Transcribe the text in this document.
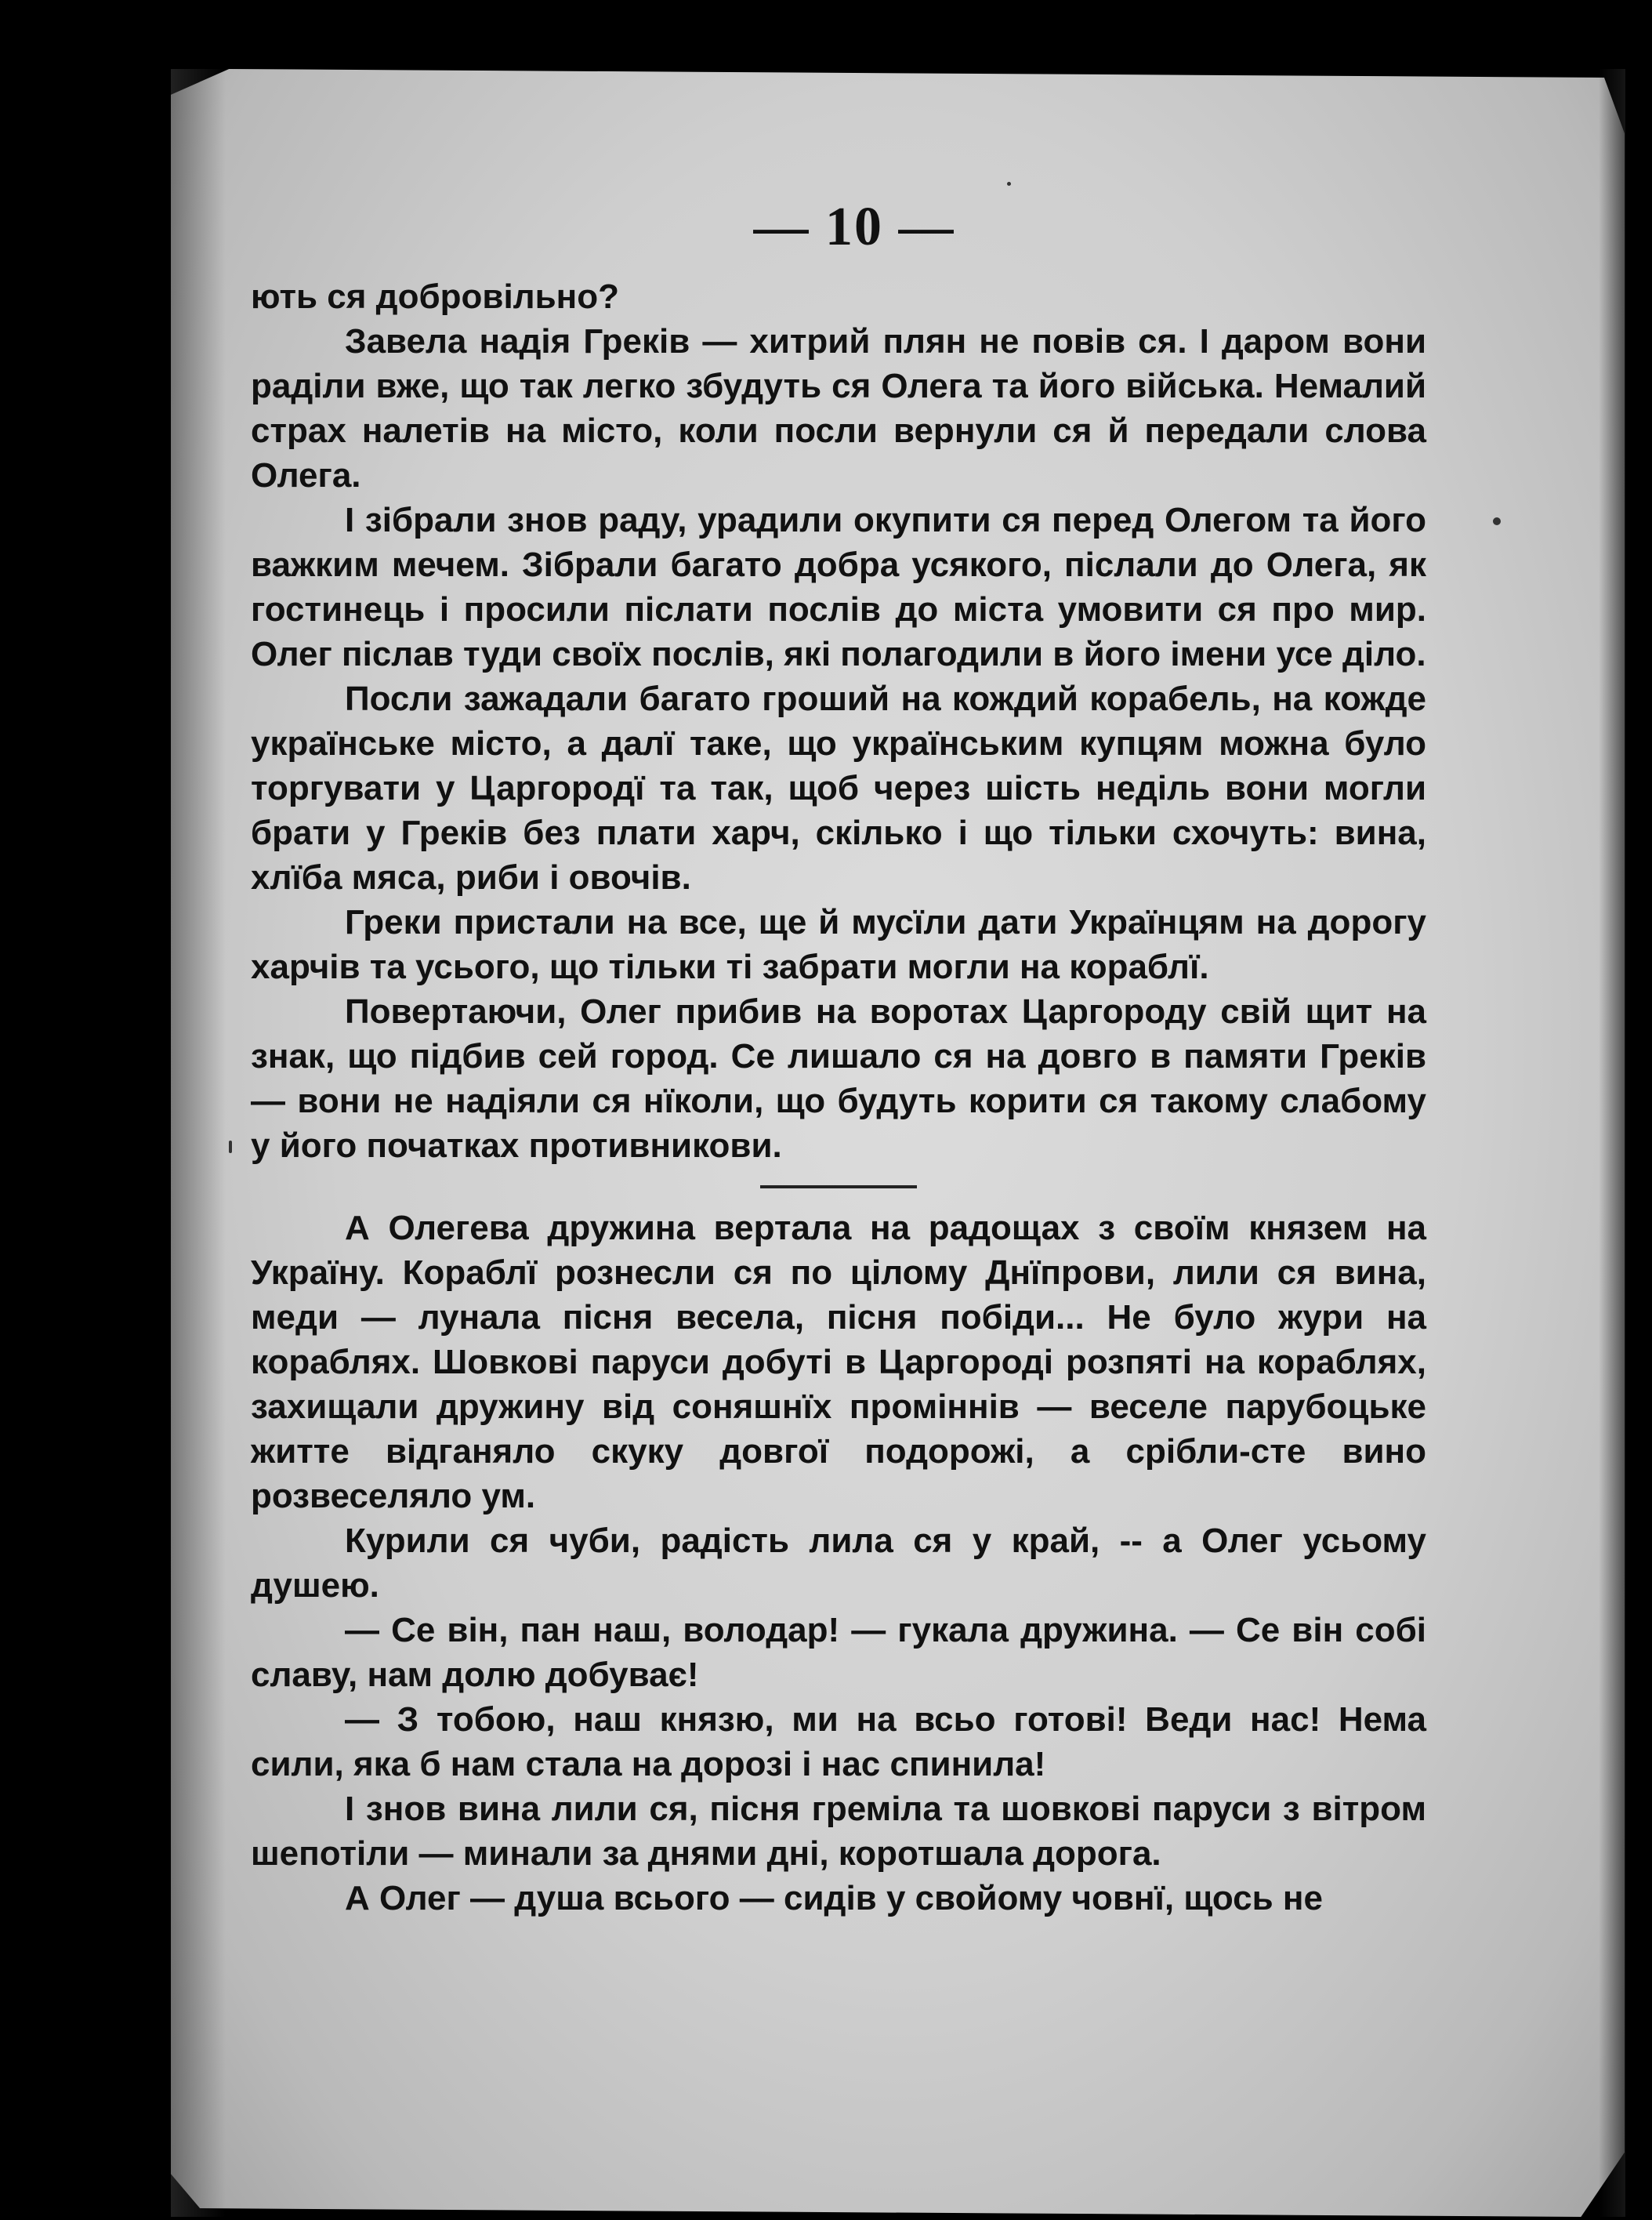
— 10 —

ють ся добровільно?

Завела надія Греків — хитрий плян не повів ся. І даром вони раділи вже, що так легко збудуть ся Олега та його війська. Немалий страх налетів на місто, коли посли вернули ся й передали слова Олега.

І зібрали знов раду, урадили окупити ся перед Олегом та його важким мечем. Зібрали багато добра усякого, післали до Олега, як гостинець і просили післати послів до міста умовити ся про мир. Олег післав туди своїх послів, які полагодили в його імени усе діло.

Посли зажадали багато гроший на кождий корабель, на кожде українське місто, а далї таке, що українським купцям можна було торгувати у Царгородї та так, щоб через шість неділь вони могли брати у Греків без плати харч, скілько і що тільки схочуть: вина, хлїба мяса, риби і овочів.

Греки пристали на все, ще й мусїли дати Українцям на дорогу харчів та усього, що тільки ті забрати могли на кораблї.

Повертаючи, Олег прибив на воротах Царгороду свій щит на знак, що підбив сей город. Се лишало ся на довго в памяти Греків — вони не надіяли ся нїколи, що будуть корити ся такому слабому у його початках противникови.

А Олегева дружина вертала на радощах з своїм князем на Україну. Кораблї рознесли ся по цілому Днїпрови, лили ся вина, меди — лунала пісня весела, пісня побіди... Не було жури на кораблях. Шовкові паруси добуті в Царгороді розпяті на кораблях, захищали дружину від соняшнїх проміннів — веселе парубоцьке житте відганяло скуку довгої подорожі, а срібли-сте вино розвеселяло ум.

Курили ся чуби, радість лила ся у край, -- а Олег усьому душею.

— Се він, пан наш, володар! — гукала дружина. — Се він собі славу, нам долю добуває!

— З тобою, наш князю, ми на всьо готові! Веди нас! Нема сили, яка б нам стала на дорозі і нас спинила!

І знов вина лили ся, пісня греміла та шовкові паруси з вітром шепотіли — минали за днями дні, коротшала дорога.

А Олег — душа всього — сидів у свойому човнї, щось не
